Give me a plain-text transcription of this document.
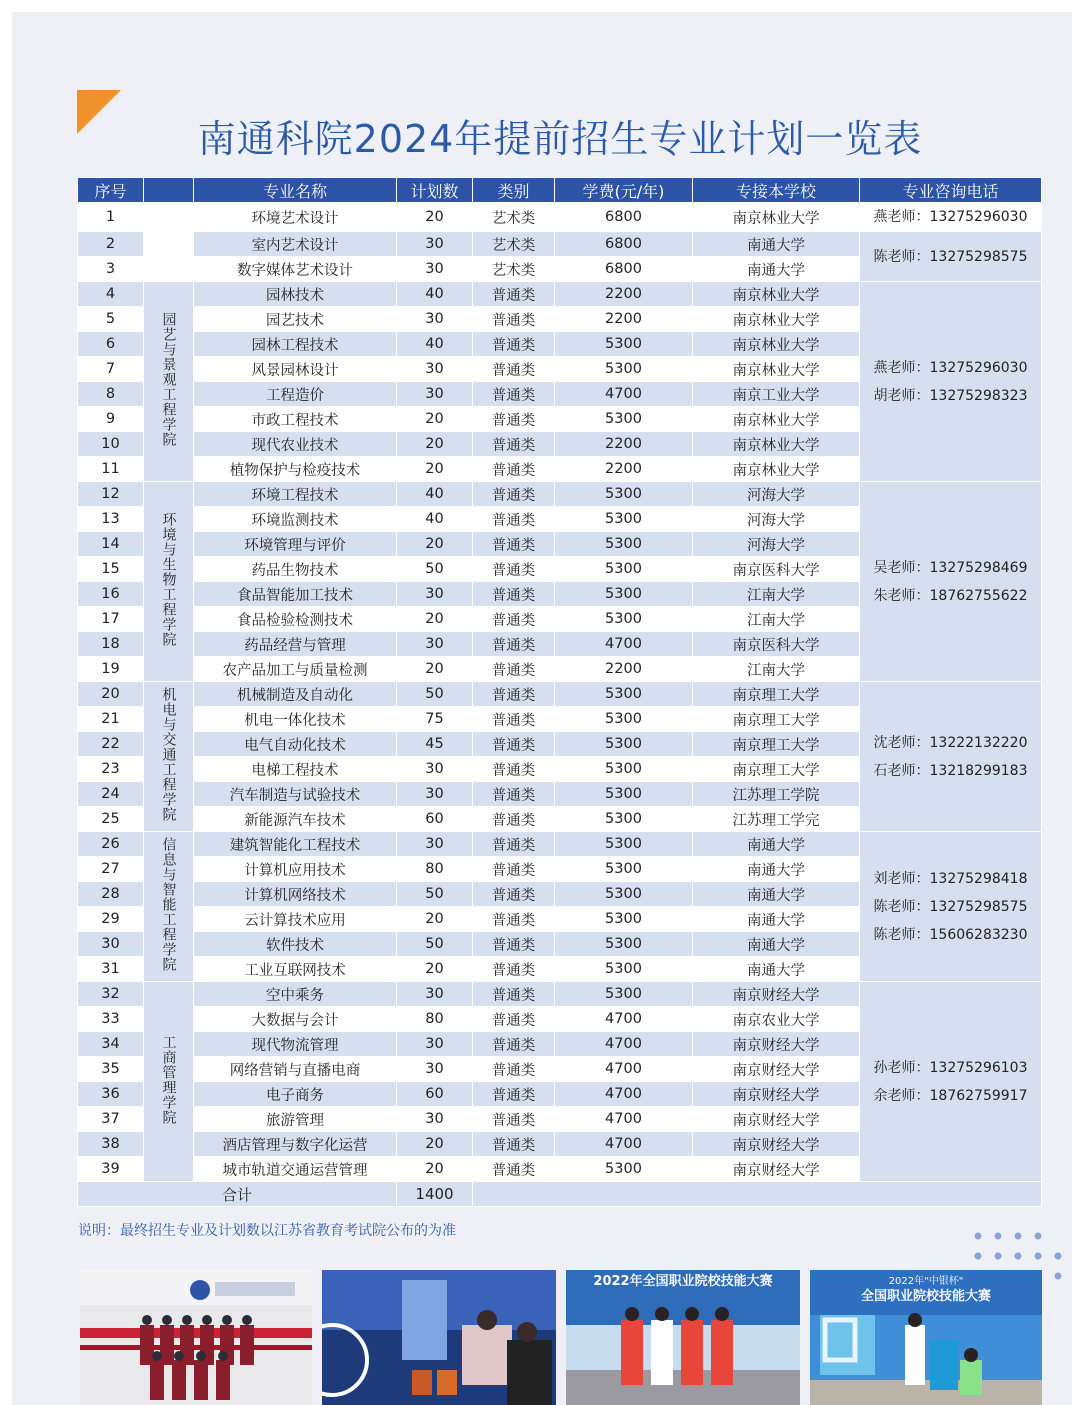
南通科院2024年提前招生专业计划一览表
序号		专业名称	计划数	类别	学费(元/年)	专接本学校	专业咨询电话
1		环境艺术设计	20	艺术类	6800	南京林业大学	燕老师：13275296030

2		室内艺术设计	30	艺术类	6800	南通大学	陈老师：13275298575

3		数字媒体艺术设计	30	艺术类	6800	南通大学	
4	园艺与景观工程学院	园林技术	40	普通类	2200	南京林业大学	燕老师：13275296030
胡老师：13275298323

5		园艺技术	30	普通类	2200	南京林业大学	
6		园林工程技术	40	普通类	5300	南京林业大学	
7		风景园林设计	30	普通类	5300	南京林业大学	
8		工程造价	30	普通类	4700	南京工业大学	
9		市政工程技术	20	普通类	5300	南京林业大学	
10		现代农业技术	20	普通类	2200	南京林业大学	
11		植物保护与检疫技术	20	普通类	2200	南京林业大学	
12	环境与生物工程学院	环境工程技术	40	普通类	5300	河海大学	吴老师：13275298469
朱老师：18762755622

13		环境监测技术	40	普通类	5300	河海大学	
14		环境管理与评价	20	普通类	5300	河海大学	
15		药品生物技术	50	普通类	5300	南京医科大学	
16		食品智能加工技术	30	普通类	5300	江南大学	
17		食品检验检测技术	20	普通类	5300	江南大学	
18		药品经营与管理	30	普通类	4700	南京医科大学	
19		农产品加工与质量检测	20	普通类	2200	江南大学	
20	机电与交通工程学院	机械制造及自动化	50	普通类	5300	南京理工大学	沈老师：13222132220
石老师：13218299183

21		机电一体化技术	75	普通类	5300	南京理工大学	
22		电气自动化技术	45	普通类	5300	南京理工大学	
23		电梯工程技术	30	普通类	5300	南京理工大学	
24		汽车制造与试验技术	30	普通类	5300	江苏理工学院	
25		新能源汽车技术	60	普通类	5300	江苏理工学完	
26	信息与智能工程学院	建筑智能化工程技术	30	普通类	5300	南通大学	刘老师：13275298418
陈老师：13275298575
陈老师：15606283230

27		计算机应用技术	80	普通类	5300	南通大学	
28		计算机网络技术	50	普通类	5300	南通大学	
29		云计算技术应用	20	普通类	5300	南通大学	
30		软件技术	50	普通类	5300	南通大学	
31		工业互联网技术	20	普通类	5300	南通大学	
32	工商管理学院	空中乘务	30	普通类	5300	南京财经大学	孙老师：13275296103
余老师：18762759917

33		大数据与会计	80	普通类	4700	南京农业大学	
34		现代物流管理	30	普通类	4700	南京财经大学	
35		网络营销与直播电商	30	普通类	4700	南京财经大学	
36		电子商务	60	普通类	4700	南京财经大学	
37		旅游管理	30	普通类	4700	南京财经大学	
38		酒店管理与数字化运营	20	普通类	4700	南京财经大学	
39		城市轨道交通运营管理	20	普通类	5300	南京财经大学	
合计			1400				
说明：最终招生专业及计划数以江苏省教育考试院公布的为准
2022年全国职业院校技能大赛	2022年"中银杯"
全国职业院校技能大赛
